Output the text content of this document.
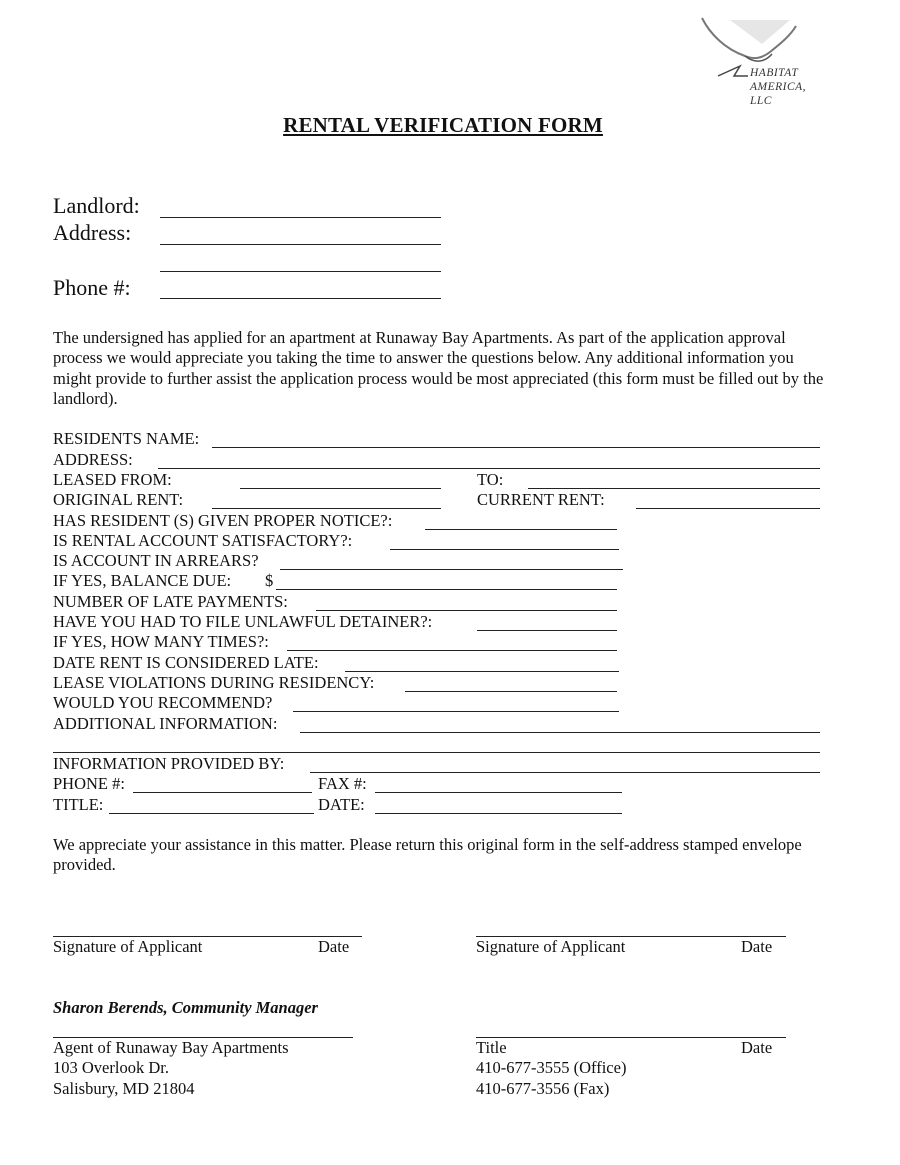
HABITAT
AMERICA,
LLC
RENTAL VERIFICATION FORM
Landlord:
Address:
Phone #:
The undersigned has applied for an apartment at Runaway Bay Apartments. As part of the application approval process we would appreciate you taking the time to answer the questions below. Any additional information you might provide to further assist the application process would be most appreciated (this form must be filled out by the landlord).
RESIDENTS NAME:
ADDRESS:
LEASED FROM:	TO:
ORIGINAL RENT:	CURRENT RENT:
HAS RESIDENT (S) GIVEN PROPER NOTICE?:
IS RENTAL ACCOUNT SATISFACTORY?:
IS ACCOUNT IN ARREARS?
IF YES, BALANCE DUE: $
NUMBER OF LATE PAYMENTS:
HAVE YOU HAD TO FILE UNLAWFUL DETAINER?:
IF YES, HOW MANY TIMES?:
DATE RENT IS CONSIDERED LATE:
LEASE VIOLATIONS DURING RESIDENCY:
WOULD YOU RECOMMEND?
ADDITIONAL INFORMATION:
INFORMATION PROVIDED BY:
PHONE #:	FAX #:
TITLE:	DATE:
We appreciate your assistance in this matter. Please return this original form in the self-address stamped envelope provided.
Signature of Applicant	Date	Signature of Applicant	Date
Sharon Berends, Community Manager
Agent of Runaway Bay Apartments
103 Overlook Dr.
Salisbury, MD 21804
Title	Date
410-677-3555 (Office)
410-677-3556 (Fax)
